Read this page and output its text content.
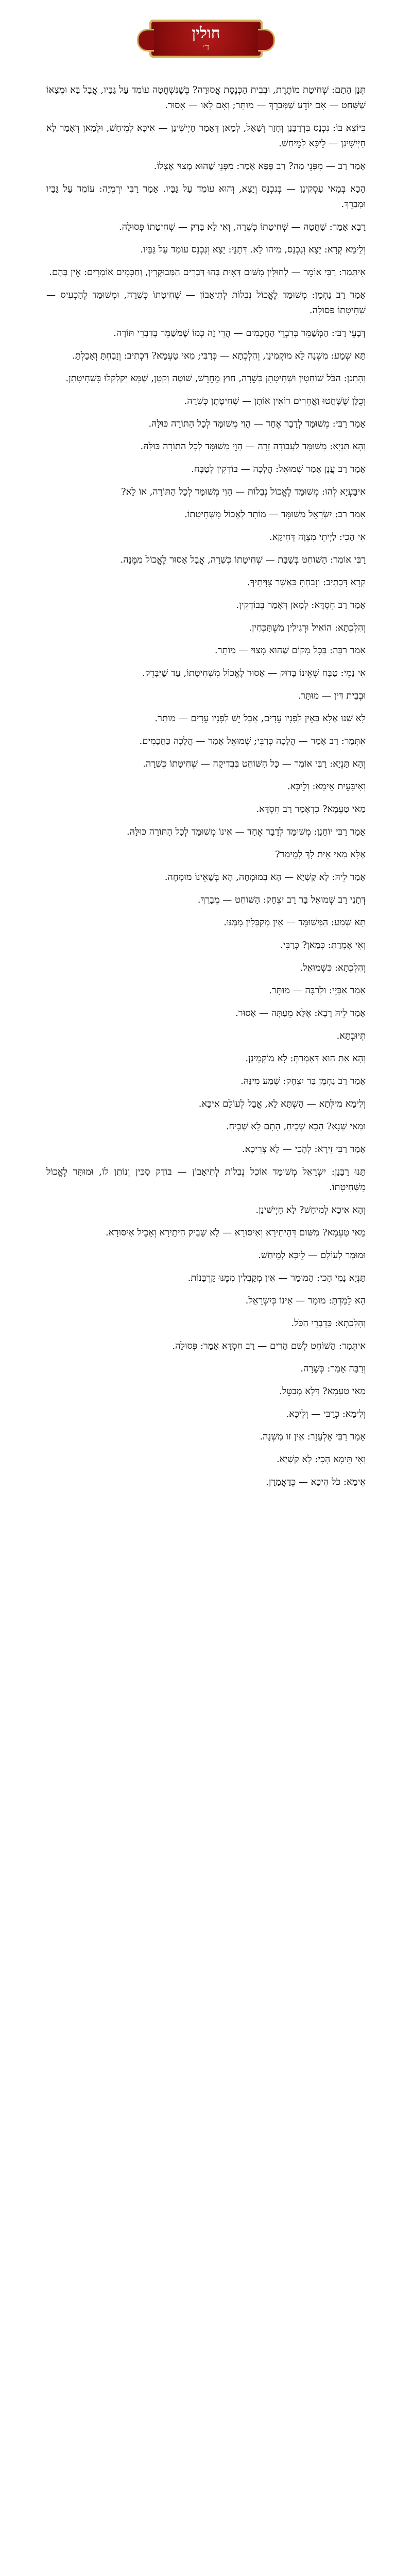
חולין
ד׳

תְּנַן הָתָם: שְׁחִיטַת מוֹתֶרֶת, וּבְבֵית הַכְּנֶסֶת אֲסוּרָה? בְּשֶׁנִּשְׁחֲטָה עוֹמֵד עַל גַּבָּיו, אֲבָל בָּא וּמְצָאוֹ שֶׁשָּׁחַט — אִם יוֹדֵעַ שֶׁמְּבַרֵךְ — מוּתָּר; וְאִם לָאו — אָסוּר.

כִּיּוֹצֵא בּוֹ: נִכְנַס בִּדְרַבָּנַן וְחָזַר וְשָׁאַל, לְמַאן דְּאָמַר חָיְישִׁינַן — אִיכָּא לְמֵיחַשׁ, וּלְמַאן דְּאָמַר לָא חָיְישִׁינַן — לֵיכָּא לְמֵיחַשׁ.

אָמַר רַב — מִפְּנֵי מַה? רַב פָּפָּא אָמַר: מִפְּנֵי שֶׁהוּא מָצוּי אֶצְלוֹ.

הָכָא בְּמַאי עָסְקִינַן — בְּנִכְנַס וְיָצָא, וְהוּא עוֹמֵד עַל גַּבָּיו. אָמַר רַבִּי יִרְמְיָה: עוֹמֵד עַל גַּבָּיו וּמְבַרֵךְ.

רָבָא אָמַר: שָׁחֲטָה — שְׁחִיטָתוֹ כְּשֵׁרָה, וְאִי לָא בָּדַק — שְׁחִיטָתוֹ פְּסוּלָה.

וְלֵימָא קְרָא: יָצָא וְנִכְנַס, מִיהוּ לָא. דְּתָנֵי: יָצָא וְנִכְנַס עוֹמֵד עַל גַּבָּיו.

אִיתְּמַר: רַבִּי אוֹמֵר — לְחוּלִּין מִשּׁוּם דְּאִית בְּהוּ דְּבָרִים הַמְּבוּקָּרִין, וְחַכָּמִים אוֹמְרִים: אֵין בָּהֶם.

אָמַר רַב נַחְמָן: מְשׁוּמָּד לֶאֱכוֹל נְבֵלוֹת לְתֵיאָבוֹן — שְׁחִיטָתוֹ כְּשֵׁרָה, וּמְשׁוּמָּד לְהַכְעִיס — שְׁחִיטָתוֹ פְּסוּלָה.

דְּבָעֵי רַבִּי: הַמְּשַׁמֵּר בְּדִבְרֵי הַחֲכָמִים — הֲרֵי זֶה כְּמוֹ שֶׁמְּשַׁמֵּר בְּדִבְרֵי תּוֹרָה.

תָּא שְׁמַע: מִשְׁנָה לָא מוֹקְמִינַן, וְהִלְכְתָא — כְּרַבִּי; מֵאי טַעְמָא? דִּכְתִיב: וְזָבַחְתָּ וְאָכַלְתָּ.

וְהָתְנַן: הַכֹּל שׁוֹחֲטִין וּשְׁחִיטָתָן כְּשֵׁרָה, חוּץ מֵחֵרֵשׁ, שׁוֹטֶה וְקָטָן, שֶׁמָּא יְקַלְקְלוּ בִּשְׁחִיטָתָן.

וְכֻלָּן שֶׁשָּׁחֲטוּ וַאֲחֵרִים רוֹאִין אוֹתָן — שְׁחִיטָתָן כְּשֵׁרָה.

אָמַר רַבִּי: מְשׁוּמָּד לְדָבָר אֶחָד — הֲוֵי מְשׁוּמָּד לְכָל הַתּוֹרָה כּוּלָּהּ.

וְהָא תַּנְיָא: מְשׁוּמָּד לַעֲבוֹדָה זָרָה — הֲוֵי מְשׁוּמָּד לְכָל הַתּוֹרָה כּוּלָּהּ.

אָמַר רַב עֲנָן אָמַר שְׁמוּאֵל: הֲלָכָה — בּוֹדְקִין לְטַבָּח.

אִיבָּעְיָא לְהוּ: מְשׁוּמָּד לֶאֱכוֹל נְבֵלוֹת — הָוֵי מְשׁוּמָּד לְכָל הַתּוֹרָה, אוֹ לָא?

אָמַר רַב: יִשְׂרָאֵל מְשׁוּמָּד — מוֹתָר לֶאֱכוֹל מִשְּׁחִיטָתוֹ.

אִי הָכִי: לַיְיתֵי מִצְוָה דְּחִיקָא.

רַבִּי אוֹמֵר: הַשּׁוֹחֵט בְּשַׁבָּת — שְׁחִיטָתוֹ כְּשֵׁרָה, אֲבָל אָסוּר לֶאֱכוֹל מִמֶּנָּה.

קְרָא דִּכְתִיב: וְזָבַחְתָּ כַּאֲשֶׁר צִוִּיתִיךָ.

אָמַר רַב חִסְדָּא: לְמַאן דְּאָמַר בְּבוֹדְקִין.

וְהִלְכְתָא: הוֹאִיל וּרְגִילִין מִשְׁתַּכְּחִין.

אָמַר רַבָּה: בְּכָל מָקוֹם שֶׁהוּא מָצוּי — מוֹתָר.

אִי נָמֵי: טַבָּח שֶׁאֵינוֹ בָּדוּק — אָסוּר לֶאֱכוֹל מִשְּׁחִיטָתוֹ, עַד שֶׁיִּבָּדֵק.

וּבְבֵית דִּין — מוּתָּר.

לָא שְׁנוּ אֶלָּא בְּאֵין לְפָנָיו עֵדִים, אֲבָל יֵשׁ לְפָנָיו עֵדִים — מוּתָּר.

אִתְּמַר: רַב אָמַר — הֲלָכָה כְּרַבִּי; שְׁמוּאֵל אָמַר — הֲלָכָה כַּחֲכָמִים.

וְהָא תַּנְיָא: רַבִּי אוֹמֵר — כָּל הַשּׁוֹחֵט בִּבְדִיקָה — שְׁחִיטָתוֹ כְּשֵׁרָה.

וְאִיבָּעֵית אֵימָא: וְלֵיכָּא.

מַאי טַעְמָא? כִּדְאָמַר רַב חִסְדָּא.

אָמַר רַבִּי יוֹחָנָן: מְשׁוּמָּד לְדָבָר אֶחָד — אֵינוֹ מְשׁוּמָּד לְכָל הַתּוֹרָה כּוּלָּהּ.

אֶלָּא מַאי אִית לָךְ לְמֵימַר?

אָמַר לֵיהּ: לָא קַשְׁיָא — הָא בְּמוּמְחֶה, הָא בְּשֶׁאֵינוֹ מוּמְחֶה.

דְּתָנֵי רַב שְׁמוּאֵל בַּר רַב יִצְחָק: הַשּׁוֹחֵט — מְבַרֵךְ.

תָּא שְׁמַע: הַמְּשׁוּמָּד — אֵין מְקַבְּלִין מִמֶּנּוּ.

וְאִי אָמְרַתְּ: כְּמַאן? כְּרַבִּי.

וְהִלְכְתָא: כִּשְׁמוּאֵל.

אָמַר אַבָּיֵי: וּלְרַבָּה — מוּתָּר.

אָמַר לֵיהּ רָבָא: אֶלָּא מֵעַתָּה — אָסוּר.

תְּיוּבְתָּא.

וְהָא אַתְּ הוּא דְּאָמְרַתְּ: לָא מוֹקְמִינַן.

אָמַר רַב נַחְמָן בַּר יִצְחָק: שְׁמַע מִינַּהּ.

וְלֵימָא מִילְּתָא — הַשְׁתָּא לָא, אֲבָל לְעוֹלָם אִיכָּא.

וּמַאי שְׁנָא? הָכָא שְׁכִיחַ, הָתָם לָא שְׁכִיחַ.

אָמַר רַבִּי זֵירָא: לְהָכִי — לָא צְרִיכָא.

תָּנוּ רַבָּנַן: יִשְׂרָאֵל מְשׁוּמָּד אוֹכֵל נְבֵלוֹת לְתֵיאָבוֹן — בּוֹדֵק סַכִּין וְנוֹתֵן לוֹ, וּמוּתָּר לֶאֱכוֹל מִשְּׁחִיטָתוֹ.

וְהָא אִיכָּא לְמֵיחַשׁ? לָא חָיְישִׁינַן.

מֵאי טַעְמָא? מִשּׁוּם דְּהֵיתֵירָא וְאִיסּוּרָא — לָא שָׁבֵיק הֵיתֵירָא וְאָכֵיל אִיסּוּרָא.

וּמוּמָר לְעוֹלָם — לֵיכָּא לְמֵיחַשׁ.

תַּנְיָא נָמֵי הָכִי: הַמּוּמָר — אֵין מְקַבְּלִין מִמֶּנּוּ קָרְבָּנוֹת.

הָא לָמַדְתָּ: מוּמָר — אֵינוֹ כְּיִשְׂרָאֵל.

וְהִלְכְתָא: כְּדִבְרֵי הַכֹּל.

אִיתְּמַר: הַשּׁוֹחֵט לְשֵׁם הָרִים — רַב חִסְדָּא אָמַר: פְּסוּלָה.

וְרַבָּה אָמַר: כְּשֵׁרָה.

מַאי טַעְמָא? דְּלָא מְבַטֵּל.

וְלֵימָא: כְּרַבִּי — וְלֵיכָּא.

אָמַר רַבִּי אֶלְעָזָר: אֵין זוֹ מִשְׁנָה.

וְאִי תֵּימָא הָכִי: לָא קַשְׁיָא.

אֵימָא: כֹּל הֵיכָא — כְּדַאֲמַרַן.
